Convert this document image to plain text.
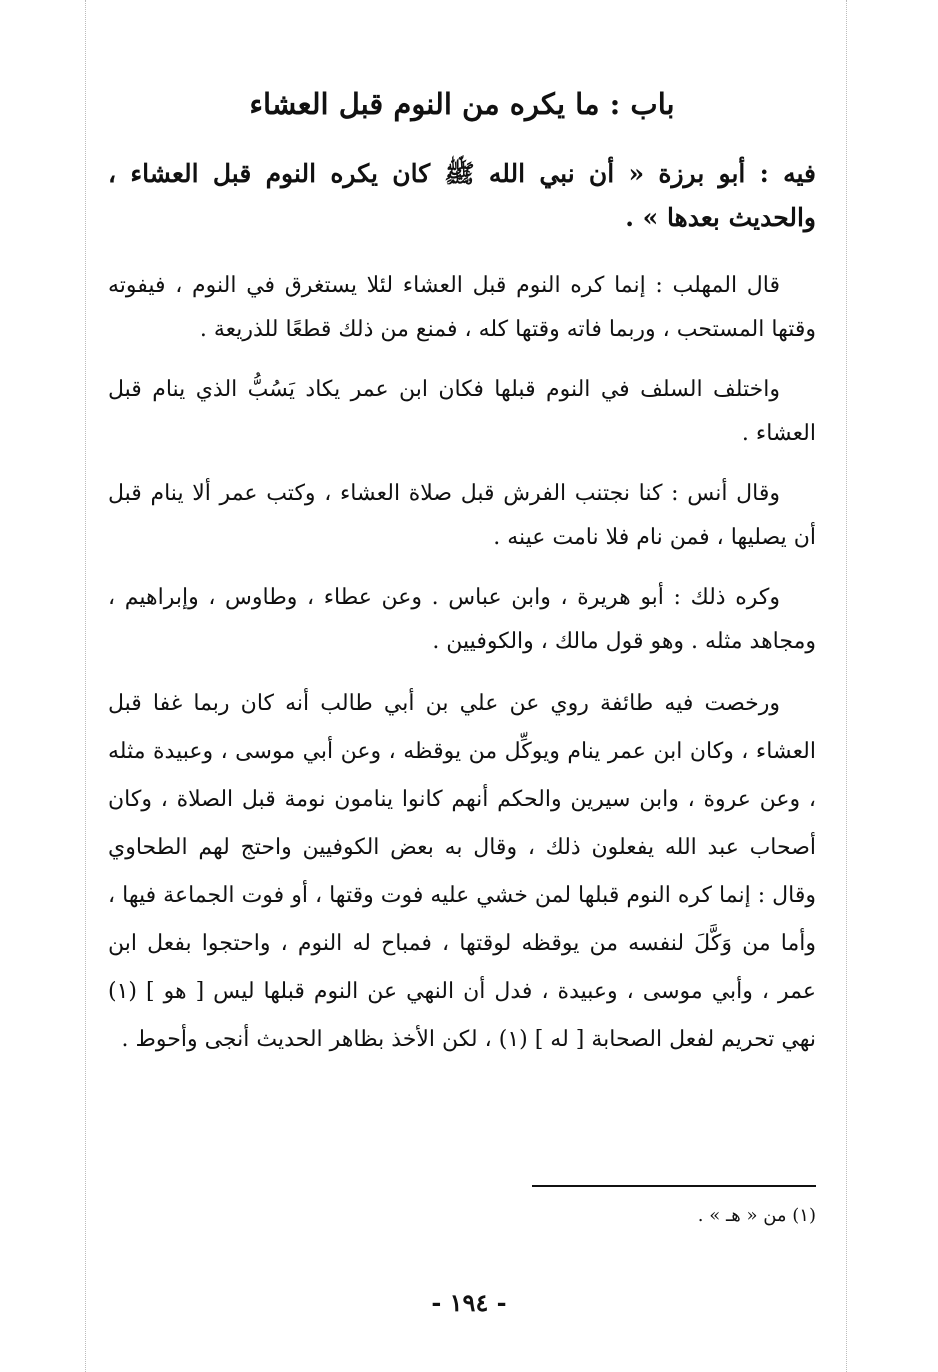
باب : ما يكره من النوم قبل العشاء
فيه : أبو برزة « أن نبي الله ﷺ كان يكره النوم قبل العشاء ، والحديث بعدها » .

قال المهلب : إنما كره النوم قبل العشاء لئلا يستغرق في النوم ، فيفوته وقتها المستحب ، وربما فاته وقتها كله ، فمنع من ذلك قطعًا للذريعة .

واختلف السلف في النوم قبلها فكان ابن عمر يكاد يَسُبُّ الذي ينام قبل العشاء .

وقال أنس : كنا نجتنب الفرش قبل صلاة العشاء ، وكتب عمر ألا ينام قبل أن يصليها ، فمن نام فلا نامت عينه .

وكره ذلك : أبو هريرة ، وابن عباس . وعن عطاء ، وطاوس ، وإبراهيم ، ومجاهد مثله . وهو قول مالك ، والكوفيين .

ورخصت فيه طائفة روي عن علي بن أبي طالب أنه كان ربما غفا قبل العشاء ، وكان ابن عمر ينام ويوكِّل من يوقظه ، وعن أبي موسى ، وعبيدة مثله ، وعن عروة ، وابن سيرين والحكم أنهم كانوا ينامون نومة قبل الصلاة ، وكان أصحاب عبد الله يفعلون ذلك ، وقال به بعض الكوفيين واحتج لهم الطحاوي وقال : إنما كره النوم قبلها لمن خشي عليه فوت وقتها ، أو فوت الجماعة فيها ، وأما من وَكَّلَ لنفسه من يوقظه لوقتها ، فمباح له النوم ، واحتجوا بفعل ابن عمر ، وأبي موسى ، وعبيدة ، فدل أن النهي عن النوم قبلها ليس [ هو ] (١) نهي تحريم لفعل الصحابة [ له ] (١) ، لكن الأخذ بظاهر الحديث أنجى وأحوط .

(١) من « هـ » .
- ١٩٤ -
